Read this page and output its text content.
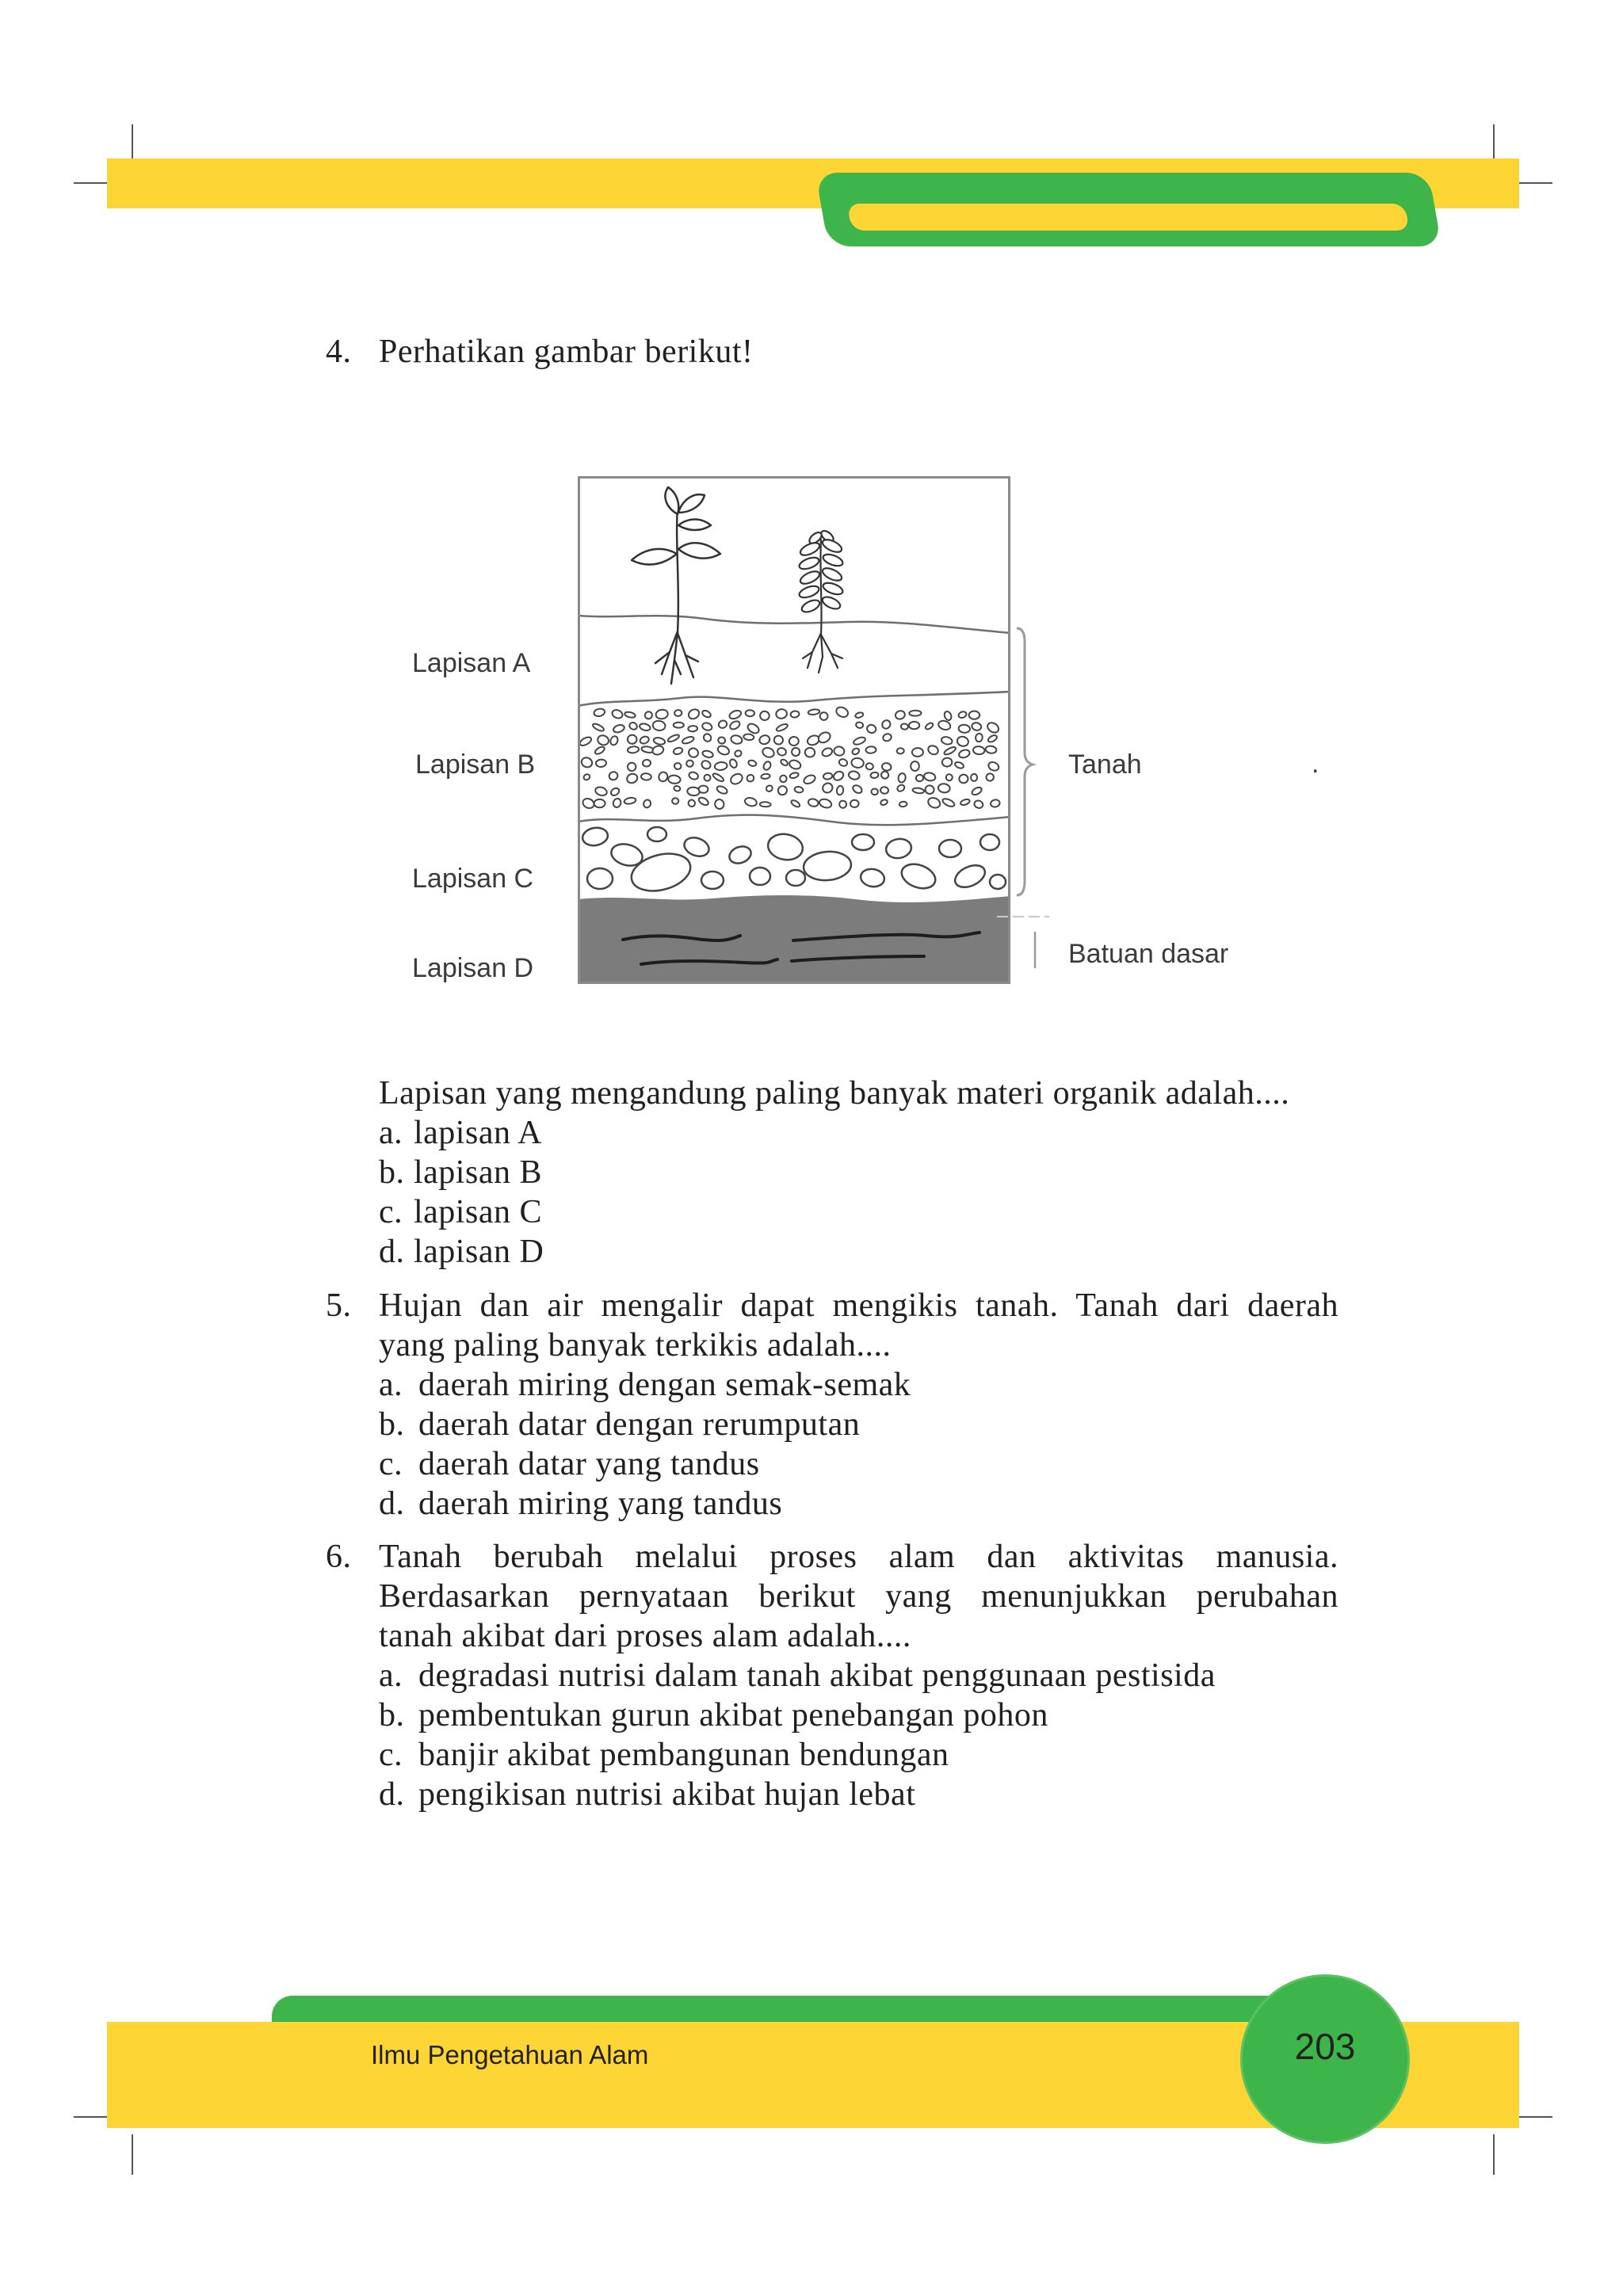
4. Perhatikan gambar berikut!
Lapisan A
Lapisan B
Lapisan C
Lapisan D
Tanah
Batuan dasar
.
Lapisan yang mengandung paling banyak materi organik adalah....
a. lapisan A
b. lapisan B
c. lapisan C
d. lapisan D
5. Hujan dan air mengalir dapat mengikis tanah. Tanah dari daerah
yang paling banyak terkikis adalah....
a. daerah miring dengan semak-semak
b. daerah datar dengan rerumputan
c. daerah datar yang tandus
d. daerah miring yang tandus
6. Tanah berubah melalui proses alam dan aktivitas manusia.
Berdasarkan pernyataan berikut yang menunjukkan perubahan
tanah akibat dari proses alam adalah....
a. degradasi nutrisi dalam tanah akibat penggunaan pestisida
b. pembentukan gurun akibat penebangan pohon
c. banjir akibat pembangunan bendungan
d. pengikisan nutrisi akibat hujan lebat
Ilmu Pengetahuan Alam	203
